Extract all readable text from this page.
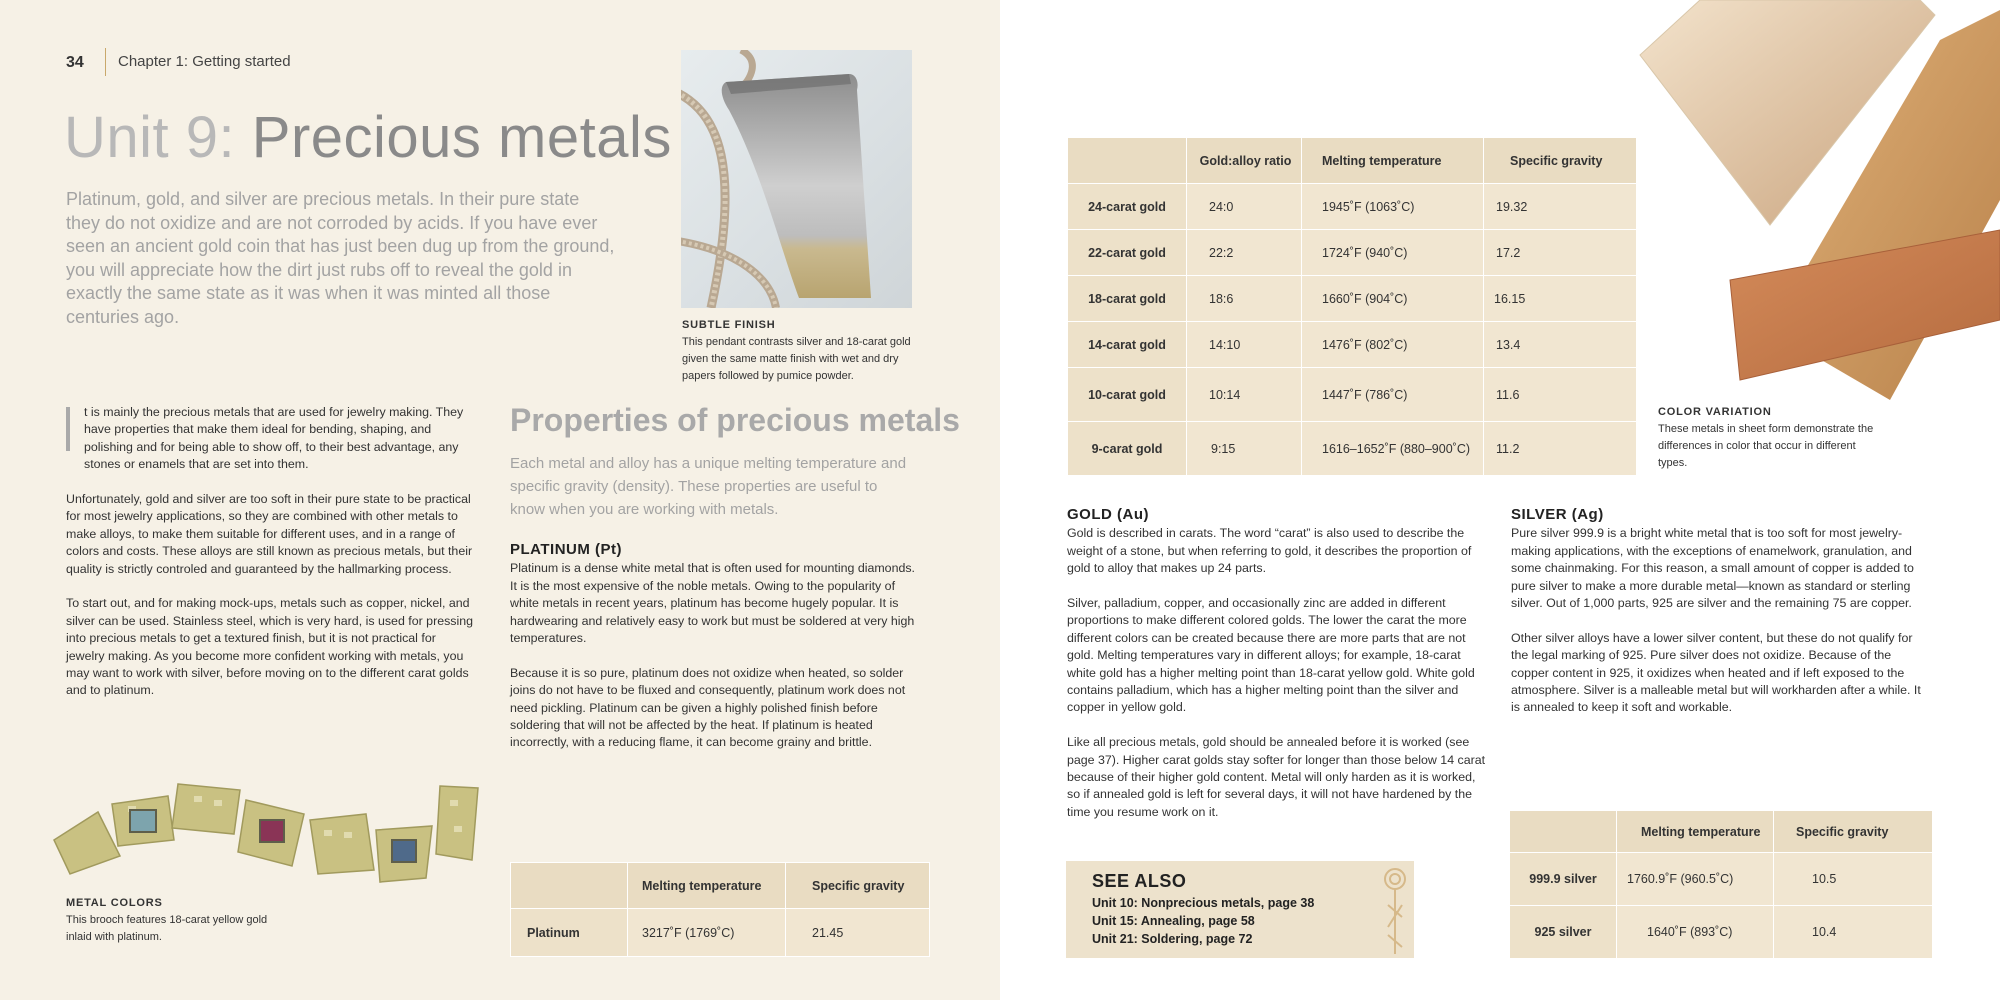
34 Chapter 1: Getting started
Unit 9: Precious metals

Platinum, gold, and silver are precious metals. In their pure state they do not oxidize and are not corroded by acids. If you have ever seen an ancient gold coin that has just been dug up from the ground, you will appreciate how the dirt just rubs off to reveal the gold in exactly the same state as it was when it was minted all those centuries ago.	SUBTLE FINISH
This pendant contrasts silver and 18-carat gold given the same matte finish with wet and dry papers followed by pumice powder.

t is mainly the precious metals that are used for jewelry making. They have properties that make them ideal for bending, shaping, and polishing and for being able to show off, to their best advantage, any stones or enamels that are set into them.

Unfortunately, gold and silver are too soft in their pure state to be practical for most jewelry applications, so they are combined with other metals to make alloys, to make them suitable for different uses, and in a range of colors and costs. These alloys are still known as precious metals, but their quality is strictly controled and guaranteed by the hallmarking process.

To start out, and for making mock-ups, metals such as copper, nickel, and silver can be used. Stainless steel, which is very hard, is used for pressing into precious metals to get a textured finish, but it is not practical for jewelry making. As you become more confident working with metals, you may want to work with silver, before moving on to the different carat golds and to platinum.

METAL COLORS
This brooch features 18-carat yellow gold inlaid with platinum.
Properties of precious metals

Each metal and alloy has a unique melting temperature and specific gravity (density). These properties are useful to know when you are working with metals.

PLATINUM (Pt)

Platinum is a dense white metal that is often used for mounting diamonds. It is the most expensive of the noble metals. Owing to the popularity of white metals in recent years, platinum has become hugely popular. It is hardwearing and relatively easy to work but must be soldered at very high temperatures.

Because it is so pure, platinum does not oxidize when heated, so solder joins do not have to be fluxed and consequently, platinum work does not need pickling. Platinum can be given a highly polished finish before soldering that will not be affected by the heat. If platinum is heated incorrectly, with a reducing flame, it can become grainy and brittle.

	Melting temperature	Specific gravity
Platinum	3217˚F (1769˚C)	21.45
COLOR VARIATION
These metals in sheet form demonstrate the differences in color that occur in different types.
	Gold:alloy ratio	Melting temperature	Specific gravity
24-carat gold	24:0	1945˚F (1063˚C)	19.32
22-carat gold	22:2	1724˚F (940˚C)	17.2
18-carat gold	18:6	1660˚F (904˚C)	16.15
14-carat gold	14:10	1476˚F (802˚C)	13.4
10-carat gold	10:14	1447˚F (786˚C)	11.6
9-carat gold	9:15	1616–1652˚F (880–900˚C)	11.2
GOLD (Au)

Gold is described in carats. The word “carat” is also used to describe the weight of a stone, but when referring to gold, it describes the proportion of gold to alloy that makes up 24 parts.

Silver, palladium, copper, and occasionally zinc are added in different proportions to make different colored golds. The lower the carat the more different colors can be created because there are more parts that are not gold. Melting temperatures vary in different alloys; for example, 18-carat white gold has a higher melting point than 18-carat yellow gold. White gold contains palladium, which has a higher melting point than the silver and copper in yellow gold.

Like all precious metals, gold should be annealed before it is worked (see page 37). Higher carat golds stay softer for longer than those below 14 carat because of their higher gold content. Metal will only harden as it is worked, so if annealed gold is left for several days, it will not have hardened by the time you resume work on it.

SILVER (Ag)

Pure silver 999.9 is a bright white metal that is too soft for most jewelry-making applications, with the exceptions of enamelwork, granulation, and some chainmaking. For this reason, a small amount of copper is added to pure silver to make a more durable metal—known as standard or sterling silver. Out of 1,000 parts, 925 are silver and the remaining 75 are copper.

Other silver alloys have a lower silver content, but these do not qualify for the legal marking of 925. Pure silver does not oxidize. Because of the copper content in 925, it oxidizes when heated and if left exposed to the atmosphere. Silver is a malleable metal but will workharden after a while. It is annealed to keep it soft and workable.

SEE ALSO
Unit 10: Nonprecious metals, page 38
Unit 15: Annealing, page 58
Unit 21: Soldering, page 72
	Melting temperature	Specific gravity
999.9 silver	1760.9˚F (960.5˚C)	10.5
925 silver	1640˚F (893˚C)	10.4
